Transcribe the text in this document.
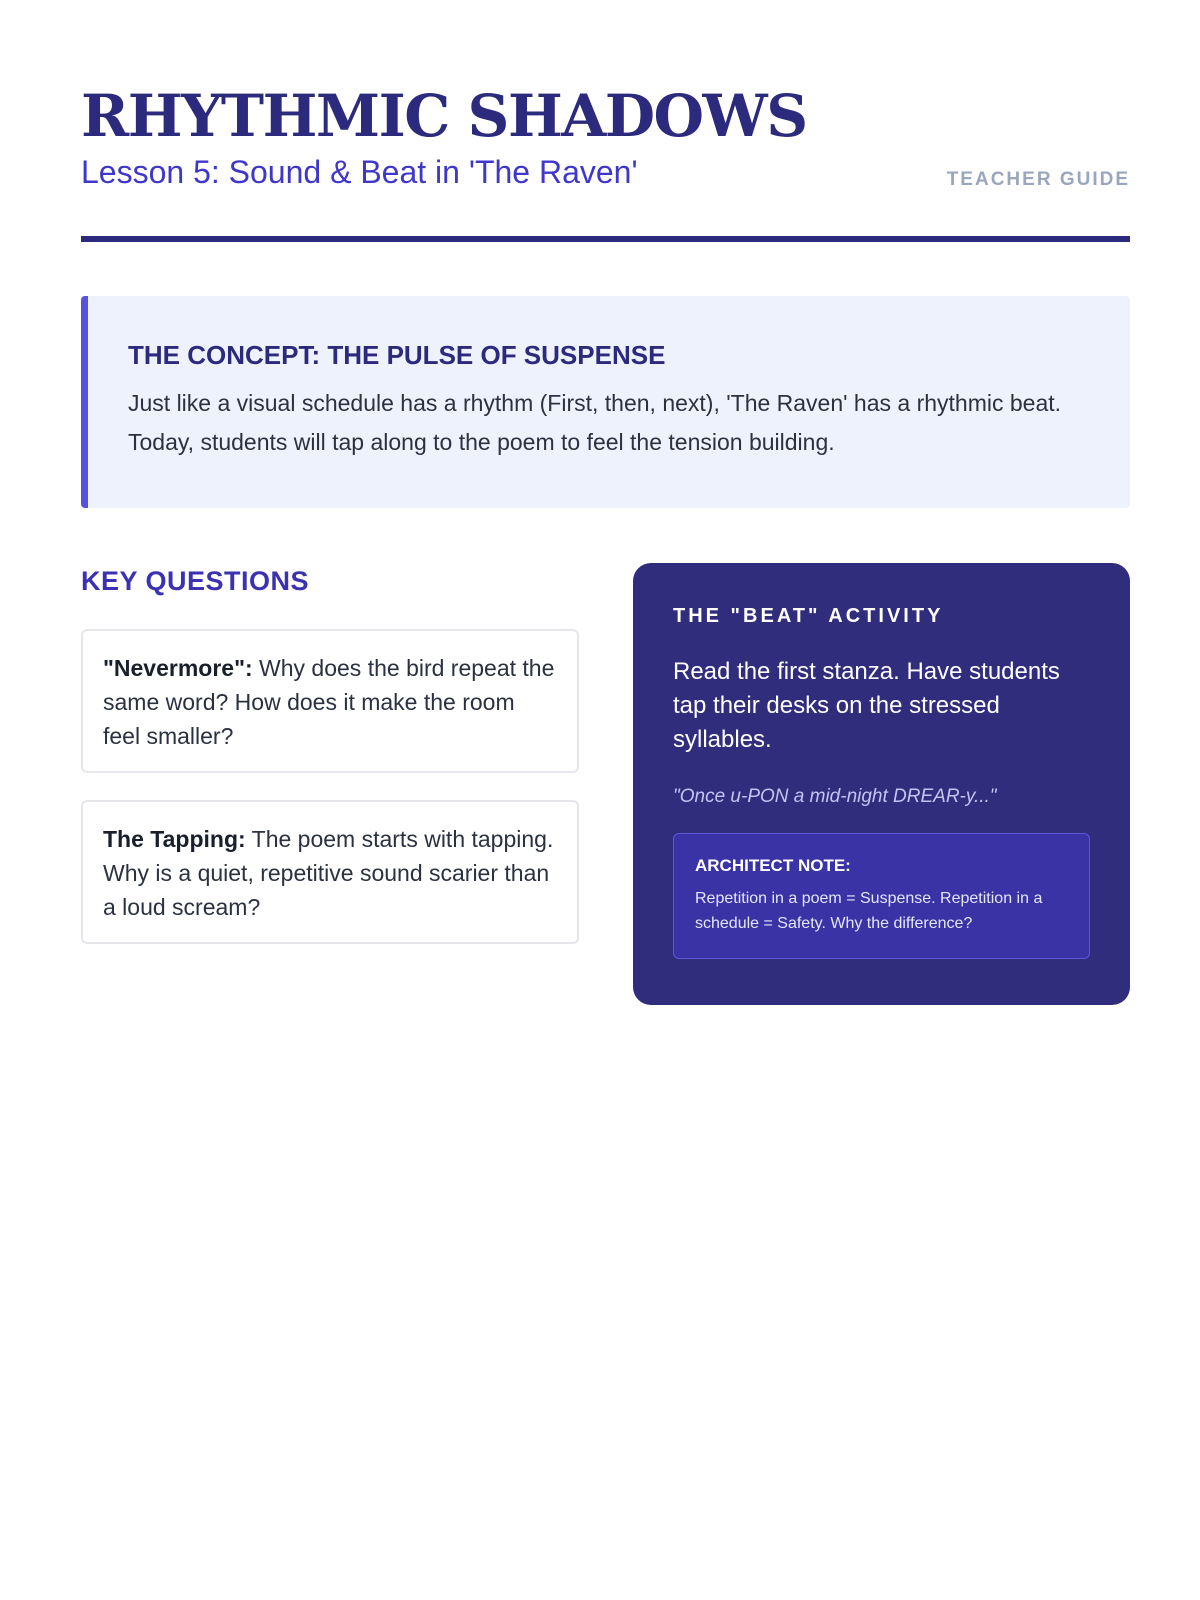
RHYTHMIC SHADOWS
Lesson 5: Sound & Beat in 'The Raven'	TEACHER GUIDE
THE CONCEPT: THE PULSE OF SUSPENSE

Just like a visual schedule has a rhythm (First, then, next), 'The Raven' has a rhythmic beat. Today, students will tap along to the poem to feel the tension building.

KEY QUESTIONS
"Nevermore": Why does the bird repeat the same word? How does it make the room feel smaller?
The Tapping: The poem starts with tapping. Why is a quiet, repetitive sound scarier than a loud scream?
THE "BEAT" ACTIVITY

Read the first stanza. Have students tap their desks on the stressed syllables.

"Once u-PON a mid-night DREAR-y..."

ARCHITECT NOTE:

Repetition in a poem = Suspense. Repetition in a schedule = Safety. Why the difference?
